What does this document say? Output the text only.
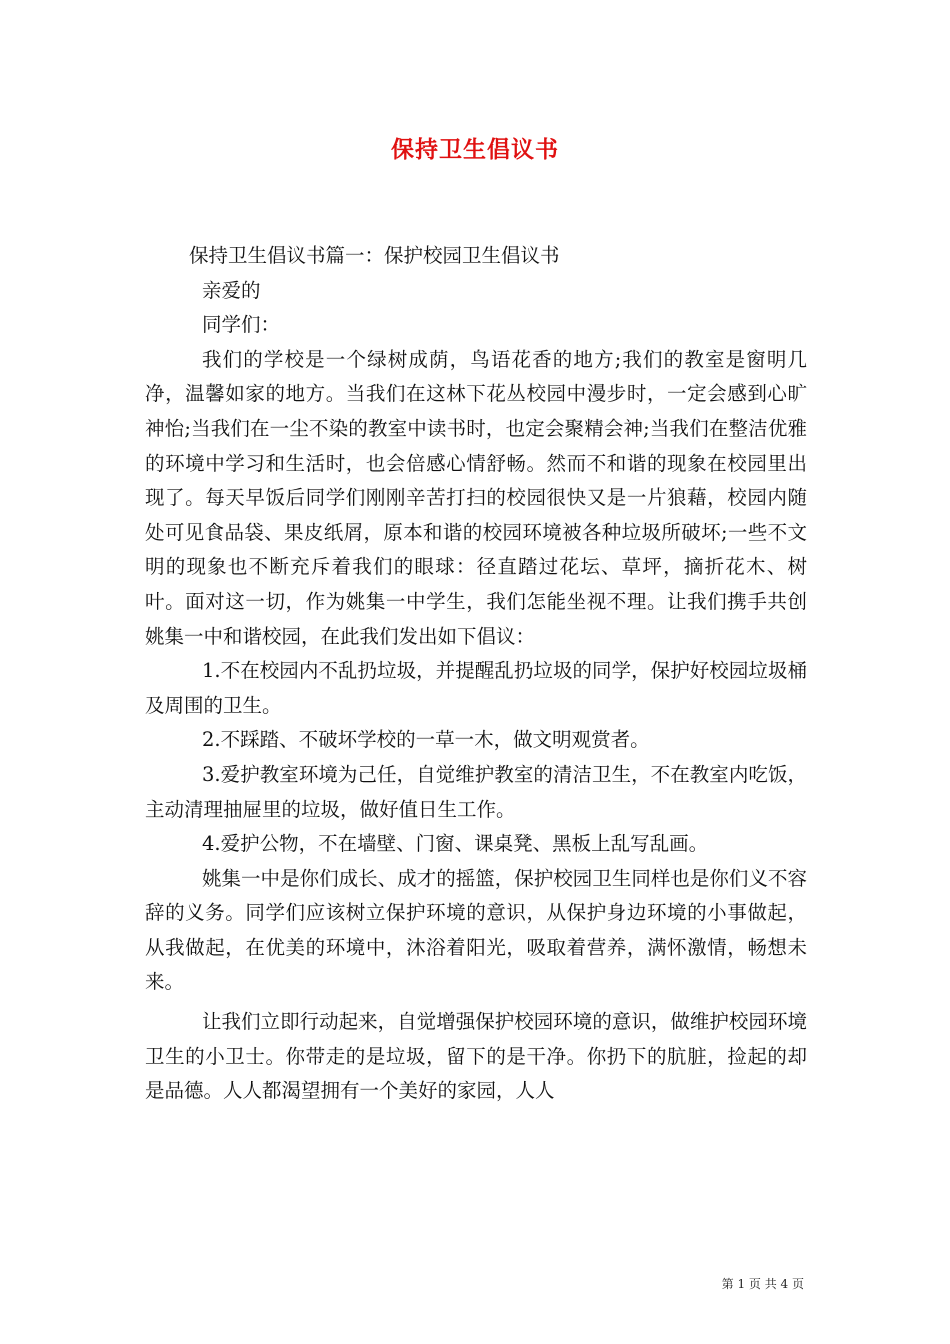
保持卫生倡议书

保持卫生倡议书篇一：保护校园卫生倡议书

亲爱的

同学们：

我们的学校是一个绿树成荫，鸟语花香的地方;我们的教室是窗明几净，温馨如家的地方。当我们在这林下花丛校园中漫步时，一定会感到心旷神怡;当我们在一尘不染的教室中读书时，也定会聚精会神;当我们在整洁优雅的环境中学习和生活时，也会倍感心情舒畅。然而不和谐的现象在校园里出现了。每天早饭后同学们刚刚辛苦打扫的校园很快又是一片狼藉，校园内随处可见食品袋、果皮纸屑，原本和谐的校园环境被各种垃圾所破坏;一些不文明的现象也不断充斥着我们的眼球：径直踏过花坛、草坪，摘折花木、树叶。面对这一切，作为姚集一中学生，我们怎能坐视不理。让我们携手共创姚集一中和谐校园，在此我们发出如下倡议：

1.不在校园内不乱扔垃圾，并提醒乱扔垃圾的同学，保护好校园垃圾桶及周围的卫生。

2.不踩踏、不破坏学校的一草一木，做文明观赏者。

3.爱护教室环境为己任，自觉维护教室的清洁卫生，不在教室内吃饭，主动清理抽屉里的垃圾，做好值日生工作。

4.爱护公物，不在墙壁、门窗、课桌凳、黑板上乱写乱画。

姚集一中是你们成长、成才的摇篮，保护校园卫生同样也是你们义不容辞的义务。同学们应该树立保护环境的意识，从保护身边环境的小事做起，从我做起，在优美的环境中，沐浴着阳光，吸取着营养，满怀激情，畅想未来。

让我们立即行动起来，自觉增强保护校园环境的意识，做维护校园环境卫生的小卫士。你带走的是垃圾，留下的是干净。你扔下的肮脏，捡起的却是品德。人人都渴望拥有一个美好的家园，人人

第 1 页 共 4 页
